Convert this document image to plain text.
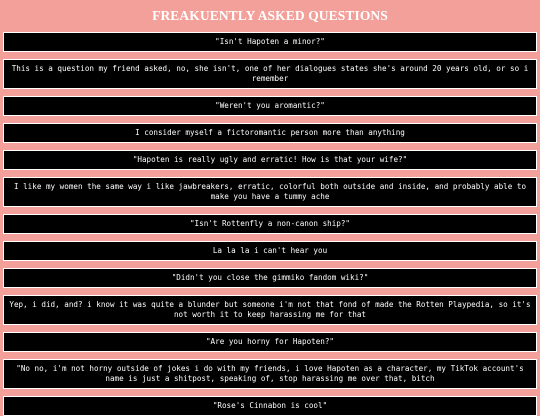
FREAKUENTLY ASKED QUESTIONS
"Isn't Hapoten a minor?"
This is a question my friend asked, no, she isn't, one of her dialogues states she's around 20 years old, or so i remember
"Weren't you aromantic?"
I consider myself a fictoromantic person more than anything
"Hapoten is really ugly and erratic! How is that your wife?"
I like my women the same way i like jawbreakers, erratic, colorful both outside and inside, and probably able to make you have a tummy ache
"Isn't Rottenfly a non-canon ship?"
La la la i can't hear you
"Didn't you close the gimmiko fandom wiki?"
Yep, i did, and? i know it was quite a blunder but someone i'm not that fond of made the Rotten Playpedia, so it's not worth it to keep harassing me for that
"Are you horny for Hapoten?"
"No no, i'm not horny outside of jokes i do with my friends, i love Hapoten as a character, my TikTok account's name is just a shitpost, speaking of, stop harassing me over that, bitch
"Rose's Cinnabon is cool"
